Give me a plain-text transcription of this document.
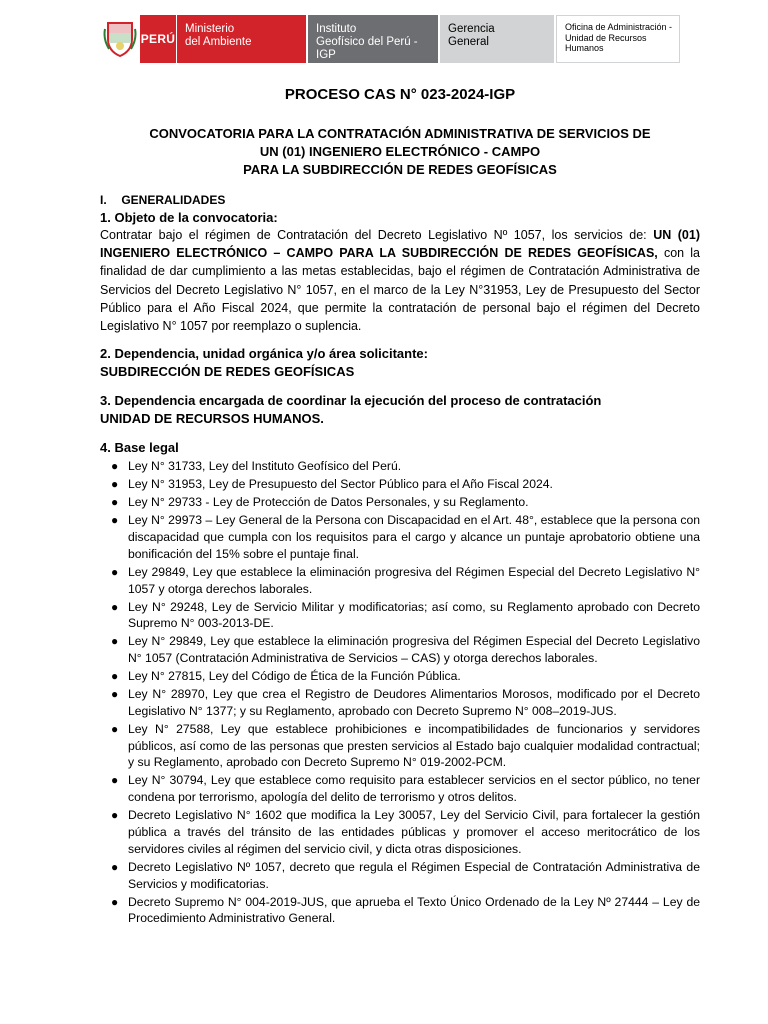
PERÚ
Ministerio
del Ambiente
Instituto
Geofísico del Perú - IGP
Gerencia
General
Oficina de Administración -
Unidad de Recursos
Humanos
PROCESO CAS N° 023-2024-IGP
CONVOCATORIA PARA LA CONTRATACIÓN ADMINISTRATIVA DE SERVICIOS DE
UN (01) INGENIERO ELECTRÓNICO - CAMPO
PARA LA SUBDIRECCIÓN DE REDES GEOFÍSICAS
I. GENERALIDADES
1. Objeto de la convocatoria:
Contratar bajo el régimen de Contratación del Decreto Legislativo Nº 1057, los servicios de: UN (01) INGENIERO ELECTRÓNICO – CAMPO PARA LA SUBDIRECCIÓN DE REDES GEOFÍSICAS, con la finalidad de dar cumplimiento a las metas establecidas, bajo el régimen de Contratación Administrativa de Servicios del Decreto Legislativo N° 1057, en el marco de la Ley N°31953, Ley de Presupuesto del Sector Público para el Año Fiscal 2024, que permite la contratación de personal bajo el régimen del Decreto Legislativo N° 1057 por reemplazo o suplencia.
2. Dependencia, unidad orgánica y/o área solicitante:
SUBDIRECCIÓN DE REDES GEOFÍSICAS
3. Dependencia encargada de coordinar la ejecución del proceso de contratación
UNIDAD DE RECURSOS HUMANOS.
4. Base legal
● Ley N° 31733, Ley del Instituto Geofísico del Perú.
● Ley N° 31953, Ley de Presupuesto del Sector Público para el Año Fiscal 2024.
● Ley N° 29733 - Ley de Protección de Datos Personales, y su Reglamento.
● Ley N° 29973 – Ley General de la Persona con Discapacidad en el Art. 48°, establece que la persona con discapacidad que cumpla con los requisitos para el cargo y alcance un puntaje aprobatorio obtiene una bonificación del 15% sobre el puntaje final.
● Ley 29849, Ley que establece la eliminación progresiva del Régimen Especial del Decreto Legislativo N° 1057 y otorga derechos laborales.
● Ley N° 29248, Ley de Servicio Militar y modificatorias; así como, su Reglamento aprobado con Decreto Supremo N° 003-2013-DE.
● Ley N° 29849, Ley que establece la eliminación progresiva del Régimen Especial del Decreto Legislativo N° 1057 (Contratación Administrativa de Servicios – CAS) y otorga derechos laborales.
● Ley N° 27815, Ley del Código de Ética de la Función Pública.
● Ley N° 28970, Ley que crea el Registro de Deudores Alimentarios Morosos, modificado por el Decreto Legislativo N° 1377; y su Reglamento, aprobado con Decreto Supremo N° 008–2019-JUS.
● Ley N° 27588, Ley que establece prohibiciones e incompatibilidades de funcionarios y servidores públicos, así como de las personas que presten servicios al Estado bajo cualquier modalidad contractual; y su Reglamento, aprobado con Decreto Supremo N° 019-2002-PCM.
● Ley N° 30794, Ley que establece como requisito para establecer servicios en el sector público, no tener condena por terrorismo, apología del delito de terrorismo y otros delitos.
● Decreto Legislativo N° 1602 que modifica la Ley 30057, Ley del Servicio Civil, para fortalecer la gestión pública a través del tránsito de las entidades públicas y promover el acceso meritocrático de los servidores civiles al régimen del servicio civil, y dicta otras disposiciones.
● Decreto Legislativo Nº 1057, decreto que regula el Régimen Especial de Contratación Administrativa de Servicios y modificatorias.
● Decreto Supremo N° 004-2019-JUS, que aprueba el Texto Único Ordenado de la Ley Nº 27444 – Ley de Procedimiento Administrativo General.
